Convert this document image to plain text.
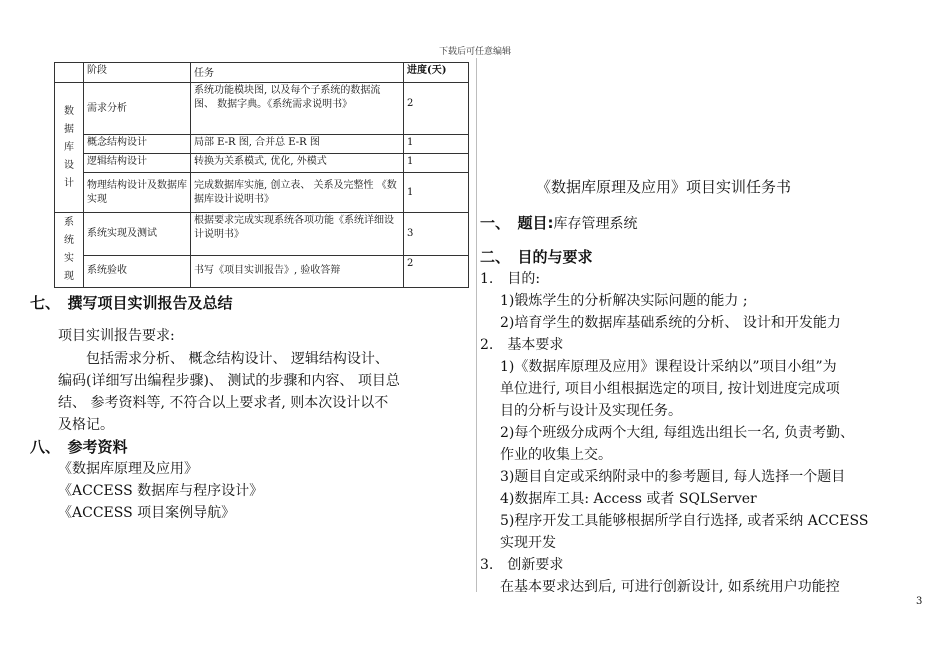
下载后可任意编辑
	阶段	任务	进度(天)
数
据
库
设
计	需求分析	系统功能模块图, 以及每个子系统的数据流图、 数据字典。《系统需求说明书》	2
	概念结构设计	局部 E-R 图, 合并总 E-R 图	1
	逻辑结构设计	转换为关系模式, 优化, 外模式	1
	物理结构设计及数据库实现	完成数据库实施, 创立表、 关系及完整性 《数据库设计说明书》	1
系
统
实
现	系统实现及测试	根据要求完成实现系统各项功能《系统详细设计说明书》	3
	系统验收	书写《项目实训报告》, 验收答辩	2
七、　撰写项目实训报告及总结
项目实训报告要求:
　　包括需求分析、 概念结构设计、 逻辑结构设计、
编码(详细写出编程步骤)、 测试的步骤和内容、 项目总
结、 参考资料等, 不符合以上要求者, 则本次设计以不
及格记。
八、　参考资料
《数据库原理及应用》
《ACCESS 数据库与程序设计》
《ACCESS 项目案例导航》
《数据库原理及应用》项目实训任务书
一、　题目:库存管理系统
二、　目的与要求
1.　目的:
1)锻炼学生的分析解决实际问题的能力 ;
2)培育学生的数据库基础系统的分析、 设计和开发能力
2.　基本要求
1)《数据库原理及应用》课程设计采纳以”项目小组”为
单位进行, 项目小组根据选定的项目, 按计划进度完成项
目的分析与设计及实现任务。
2)每个班级分成两个大组, 每组选出组长一名, 负责考勤、
作业的收集上交。
3)题目自定或采纳附录中的参考题目, 每人选择一个题目
4)数据库工具: Access 或者 SQLServer
5)程序开发工具能够根据所学自行选择, 或者采纳 ACCESS
实现开发
3.　创新要求
在基本要求达到后, 可进行创新设计, 如系统用户功能控
3
